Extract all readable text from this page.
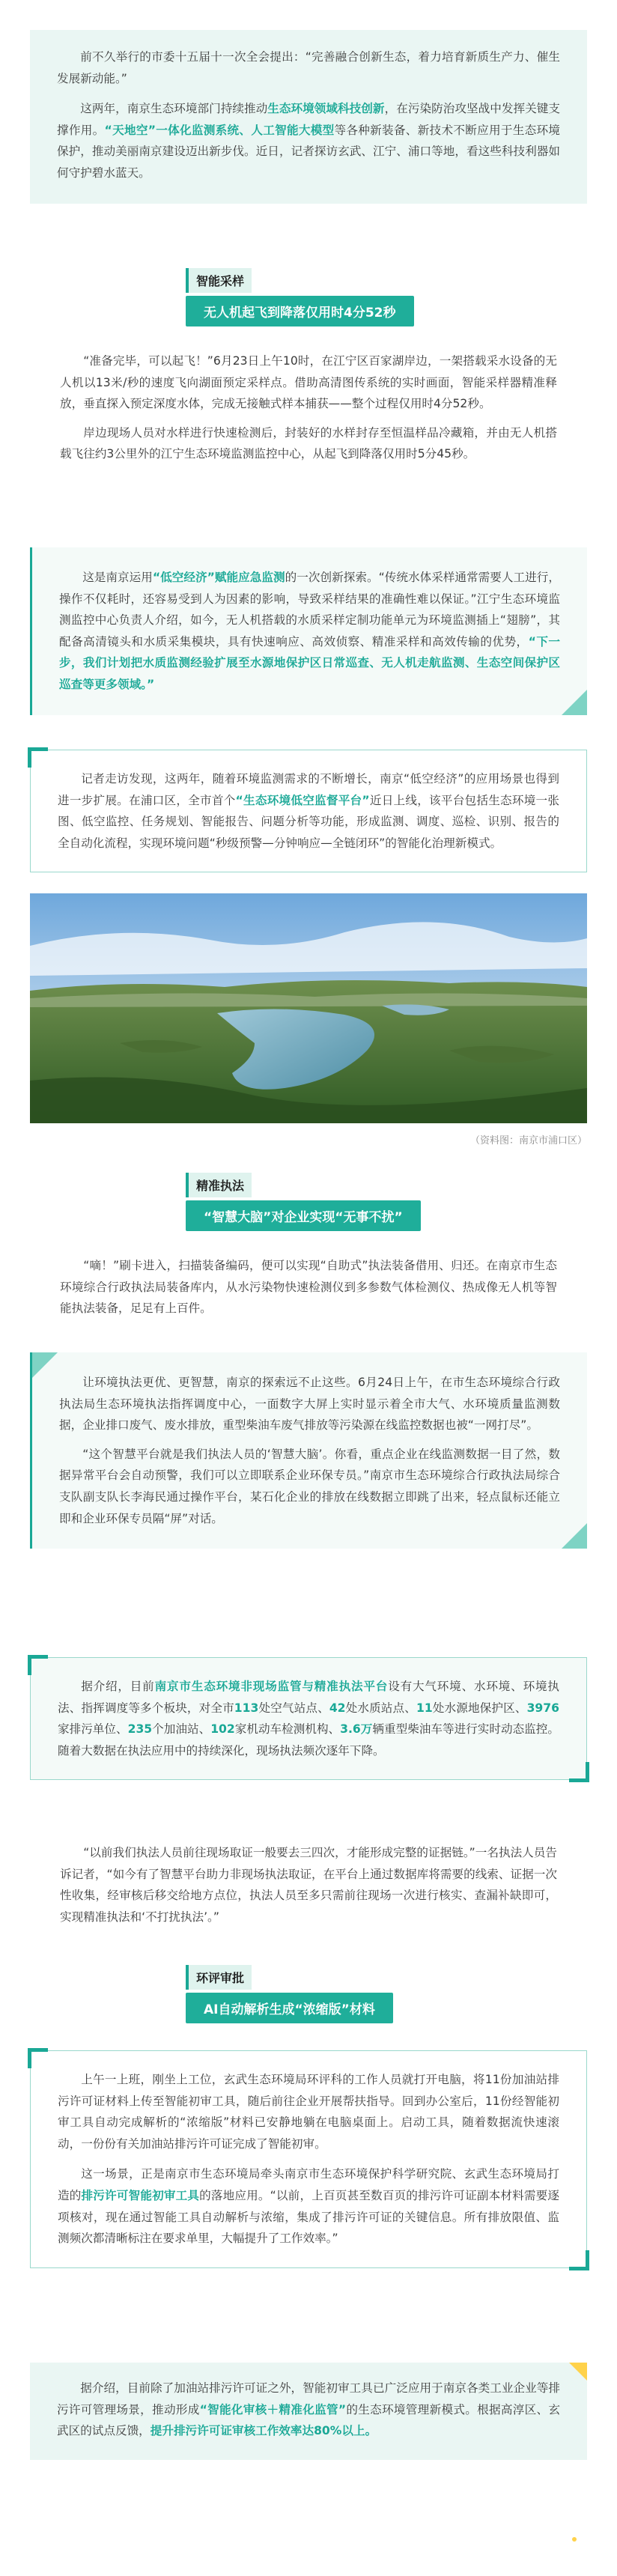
前不久举行的市委十五届十一次全会提出：“完善融合创新生态，着力培育新质生产力、催生发展新动能。”

这两年，南京生态环境部门持续推动生态环境领域科技创新，在污染防治攻坚战中发挥关键支撑作用。“天地空”一体化监测系统、人工智能大模型等各种新装备、新技术不断应用于生态环境保护，推动美丽南京建设迈出新步伐。近日，记者探访玄武、江宁、浦口等地，看这些科技利器如何守护碧水蓝天。

智能采样
无人机起飞到降落仅用时4分52秒

“准备完毕，可以起飞！”6月23日上午10时，在江宁区百家湖岸边，一架搭载采水设备的无人机以13米/秒的速度飞向湖面预定采样点。借助高清图传系统的实时画面，智能采样器精准释放，垂直探入预定深度水体，完成无接触式样本捕获——整个过程仅用时4分52秒。

岸边现场人员对水样进行快速检测后，封装好的水样封存至恒温样品冷藏箱，并由无人机搭载飞往约3公里外的江宁生态环境监测监控中心，从起飞到降落仅用时5分45秒。

这是南京运用“低空经济”赋能应急监测的一次创新探索。“传统水体采样通常需要人工进行，操作不仅耗时，还容易受到人为因素的影响，导致采样结果的准确性难以保证。”江宁生态环境监测监控中心负责人介绍，如今，无人机搭载的水质采样定制功能单元为环境监测插上“翅膀”，其配备高清镜头和水质采集模块，具有快速响应、高效侦察、精准采样和高效传输的优势，“下一步，我们计划把水质监测经验扩展至水源地保护区日常巡查、无人机走航监测、生态空间保护区巡查等更多领域。”

记者走访发现，这两年，随着环境监测需求的不断增长，南京“低空经济”的应用场景也得到进一步扩展。在浦口区，全市首个“生态环境低空监督平台”近日上线，该平台包括生态环境一张图、低空监控、任务规划、智能报告、问题分析等功能，形成监测、调度、巡检、识别、报告的全自动化流程，实现环境问题“秒级预警—分钟响应—全链闭环”的智能化治理新模式。

（资料图：南京市浦口区）
精准执法
“智慧大脑”对企业实现“无事不扰”

“嘀！”刷卡进入，扫描装备编码，便可以实现“自助式”执法装备借用、归还。在南京市生态环境综合行政执法局装备库内，从水污染物快速检测仪到多参数气体检测仪、热成像无人机等智能执法装备，足足有上百件。

让环境执法更优、更智慧，南京的探索远不止这些。6月24日上午，在市生态环境综合行政执法局生态环境执法指挥调度中心，一面数字大屏上实时显示着全市大气、水环境质量监测数据，企业排口废气、废水排放，重型柴油车废气排放等污染源在线监控数据也被“一网打尽”。

“这个智慧平台就是我们执法人员的‘智慧大脑’。你看，重点企业在线监测数据一目了然，数据异常平台会自动预警，我们可以立即联系企业环保专员。”南京市生态环境综合行政执法局综合支队副支队长李海民通过操作平台，某石化企业的排放在线数据立即跳了出来，轻点鼠标还能立即和企业环保专员隔“屏”对话。

据介绍，目前南京市生态环境非现场监管与精准执法平台设有大气环境、水环境、环境执法、指挥调度等多个板块，对全市113处空气站点、42处水质站点、11处水源地保护区、3976家排污单位、235个加油站、102家机动车检测机构、3.6万辆重型柴油车等进行实时动态监控。随着大数据在执法应用中的持续深化，现场执法频次逐年下降。

“以前我们执法人员前往现场取证一般要去三四次，才能形成完整的证据链。”一名执法人员告诉记者，“如今有了智慧平台助力非现场执法取证，在平台上通过数据库将需要的线索、证据一次性收集，经审核后移交给地方点位，执法人员至多只需前往现场一次进行核实、查漏补缺即可，实现精准执法和‘不打扰执法’。”

环评审批
AI自动解析生成“浓缩版”材料

上午一上班，刚坐上工位，玄武生态环境局环评科的工作人员就打开电脑，将11份加油站排污许可证材料上传至智能初审工具，随后前往企业开展帮扶指导。回到办公室后，11份经智能初审工具自动完成解析的“浓缩版”材料已安静地躺在电脑桌面上。启动工具，随着数据流快速滚动，一份份有关加油站排污许可证完成了智能初审。

这一场景，正是南京市生态环境局牵头南京市生态环境保护科学研究院、玄武生态环境局打造的排污许可智能初审工具的落地应用。“以前，上百页甚至数百页的排污许可证副本材料需要逐项核对，现在通过智能工具自动解析与浓缩，集成了排污许可证的关键信息。所有排放限值、监测频次都清晰标注在要求单里，大幅提升了工作效率。”

据介绍，目前除了加油站排污许可证之外，智能初审工具已广泛应用于南京各类工业企业等排污许可管理场景，推动形成“智能化审核＋精准化监管”的生态环境管理新模式。根据高淳区、玄武区的试点反馈，提升排污许可证审核工作效率达80%以上。
